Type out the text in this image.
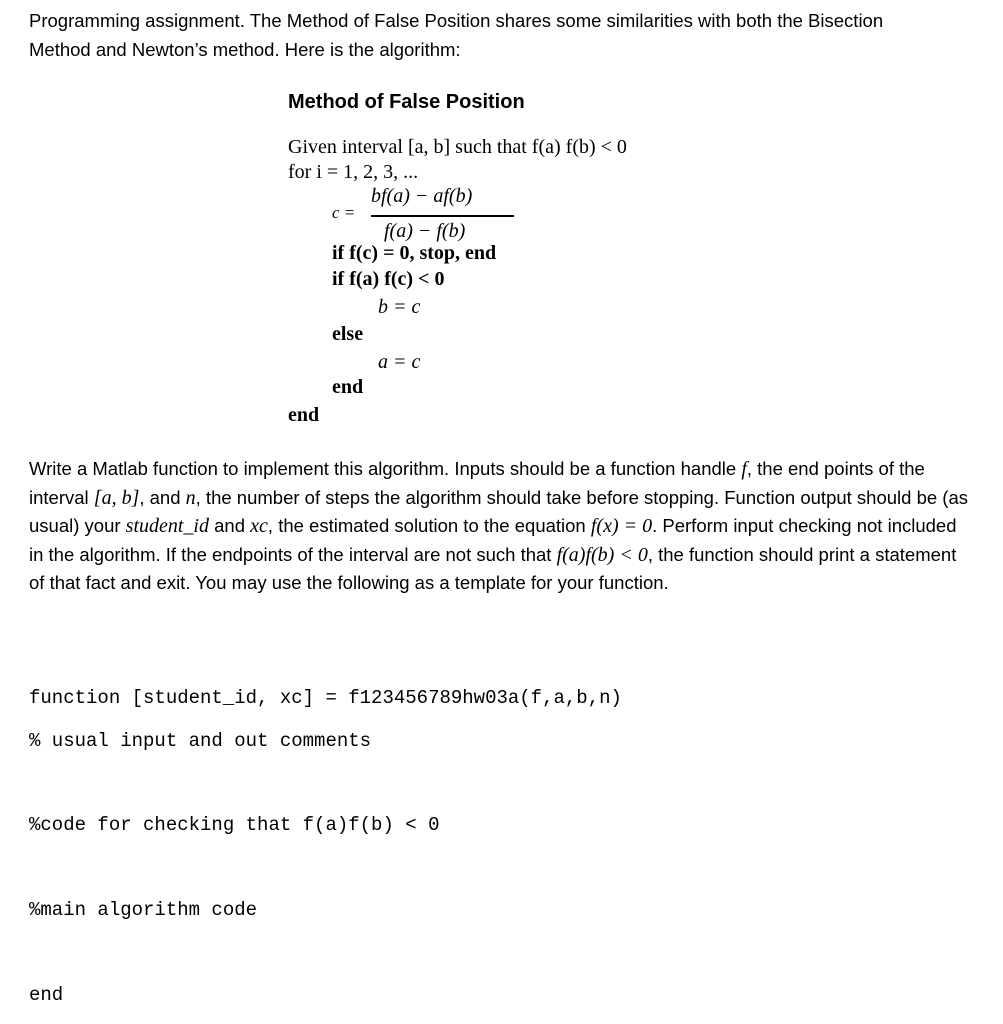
Programming assignment. The Method of False Position shares some similarities with both the Bisection
Method and Newton’s method. Here is the algorithm:
Method of False Position
Given interval [a, b] such that f(a) f(b) < 0
for i = 1, 2, 3, ...
c =
bf(a) − af(b)
f(a) − f(b)
if f(c) = 0, stop, end
if f(a) f(c) < 0
b = c
else
a = c
end
end
Write a Matlab function to implement this algorithm. Inputs should be a function handle f, the end points of the interval [a, b], and n, the number of steps the algorithm should take before stopping. Function output should be (as usual) your student_id and xc, the estimated solution to the equation f(x) = 0. Perform input checking not included in the algorithm. If the endpoints of the interval are not such that f(a)f(b) < 0, the function should print a statement of that fact and exit. You may use the following as a template for your function.
function [student_id, xc] = f123456789hw03a(f,a,b,n)
% usual input and out comments
%code for checking that f(a)f(b) < 0
%main algorithm code
end
